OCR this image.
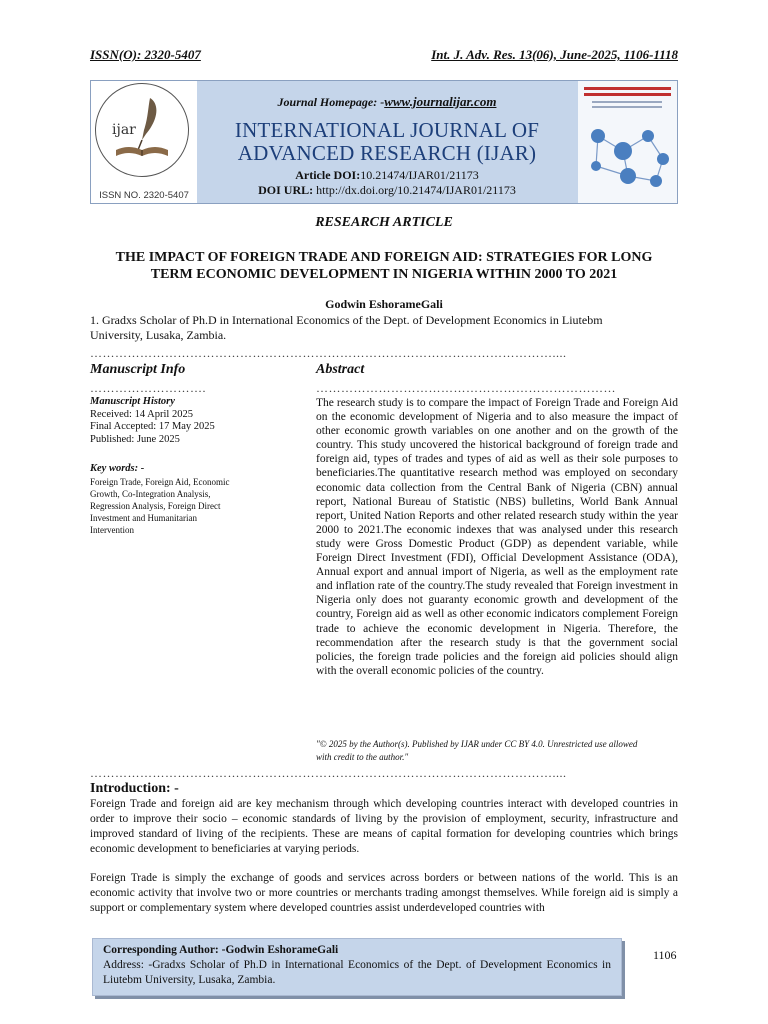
ISSN(O): 2320-5407	Int. J. Adv. Res. 13(06), June-2025, 1106-1118
ijar
ISSN NO. 2320-5407
Journal Homepage: -www.journalijar.com
INTERNATIONAL JOURNAL OF
ADVANCED RESEARCH (IJAR)
Article DOI:10.21474/IJAR01/21173
DOI URL: http://dx.doi.org/10.21474/IJAR01/21173
RESEARCH ARTICLE
THE IMPACT OF FOREIGN TRADE AND FOREIGN AID: STRATEGIES FOR LONG
TERM ECONOMIC DEVELOPMENT IN NIGERIA WITHIN 2000 TO 2021
Godwin EshorameGali
1. Gradxs Scholar of Ph.D in International Economics of the Dept. of Development Economics in Liutebm
University, Lusaka, Zambia.
…………………………………………………………………………………………………....
Manuscript Info	Abstract
……………………….	………………………………………………………………
Manuscript History
Received: 14 April 2025
Final Accepted: 17 May 2025
Published: June 2025
Key words: -
Foreign Trade, Foreign Aid, Economic
Growth, Co-Integration Analysis,
Regression Analysis, Foreign Direct
Investment and Humanitarian
Intervention
The research study is to compare the impact of Foreign Trade and Foreign Aid on the economic development of Nigeria and to also measure the impact of other economic growth variables on one another and on the growth of the country. This study uncovered the historical background of foreign trade and foreign aid, types of trades and types of aid as well as their sole purposes to beneficiaries.The quantitative research method was employed on secondary economic data collection from the Central Bank of Nigeria (CBN) annual report, National Bureau of Statistic (NBS) bulletins, World Bank Annual report, United Nation Reports and other related research study within the year 2000 to 2021.The economic indexes that was analysed under this research study were Gross Domestic Product (GDP) as dependent variable, while Foreign Direct Investment (FDI), Official Development Assistance (ODA), Annual export and annual import of Nigeria, as well as the employment rate and inflation rate of the country.The study revealed that Foreign investment in Nigeria only does not guaranty economic growth and development of the country, Foreign aid as well as other economic indicators complement Foreign trade to achieve the economic development in Nigeria. Therefore, the recommendation after the research study is that the government social policies, the foreign trade policies and the foreign aid policies should align with the overall economic policies of the country.
"© 2025 by the Author(s). Published by IJAR under CC BY 4.0. Unrestricted use allowed
with credit to the author."
…………………………………………………………………………………………………....
Introduction: -
Foreign Trade and foreign aid are key mechanism through which developing countries interact with developed countries in order to improve their socio – economic standards of living by the provision of employment, security, infrastructure and improved standard of living of the recipients. These are means of capital formation for developing countries which brings economic development to beneficiaries at varying periods.
Foreign Trade is simply the exchange of goods and services across borders or between nations of the world. This is an economic activity that involve two or more countries or merchants trading amongst themselves. While foreign aid is simply a support or complementary system where developed countries assist underdeveloped countries with
Corresponding Author: -Godwin EshorameGali
Address: -Gradxs Scholar of Ph.D in International Economics of the Dept. of Development Economics in Liutebm University, Lusaka, Zambia.
1106
